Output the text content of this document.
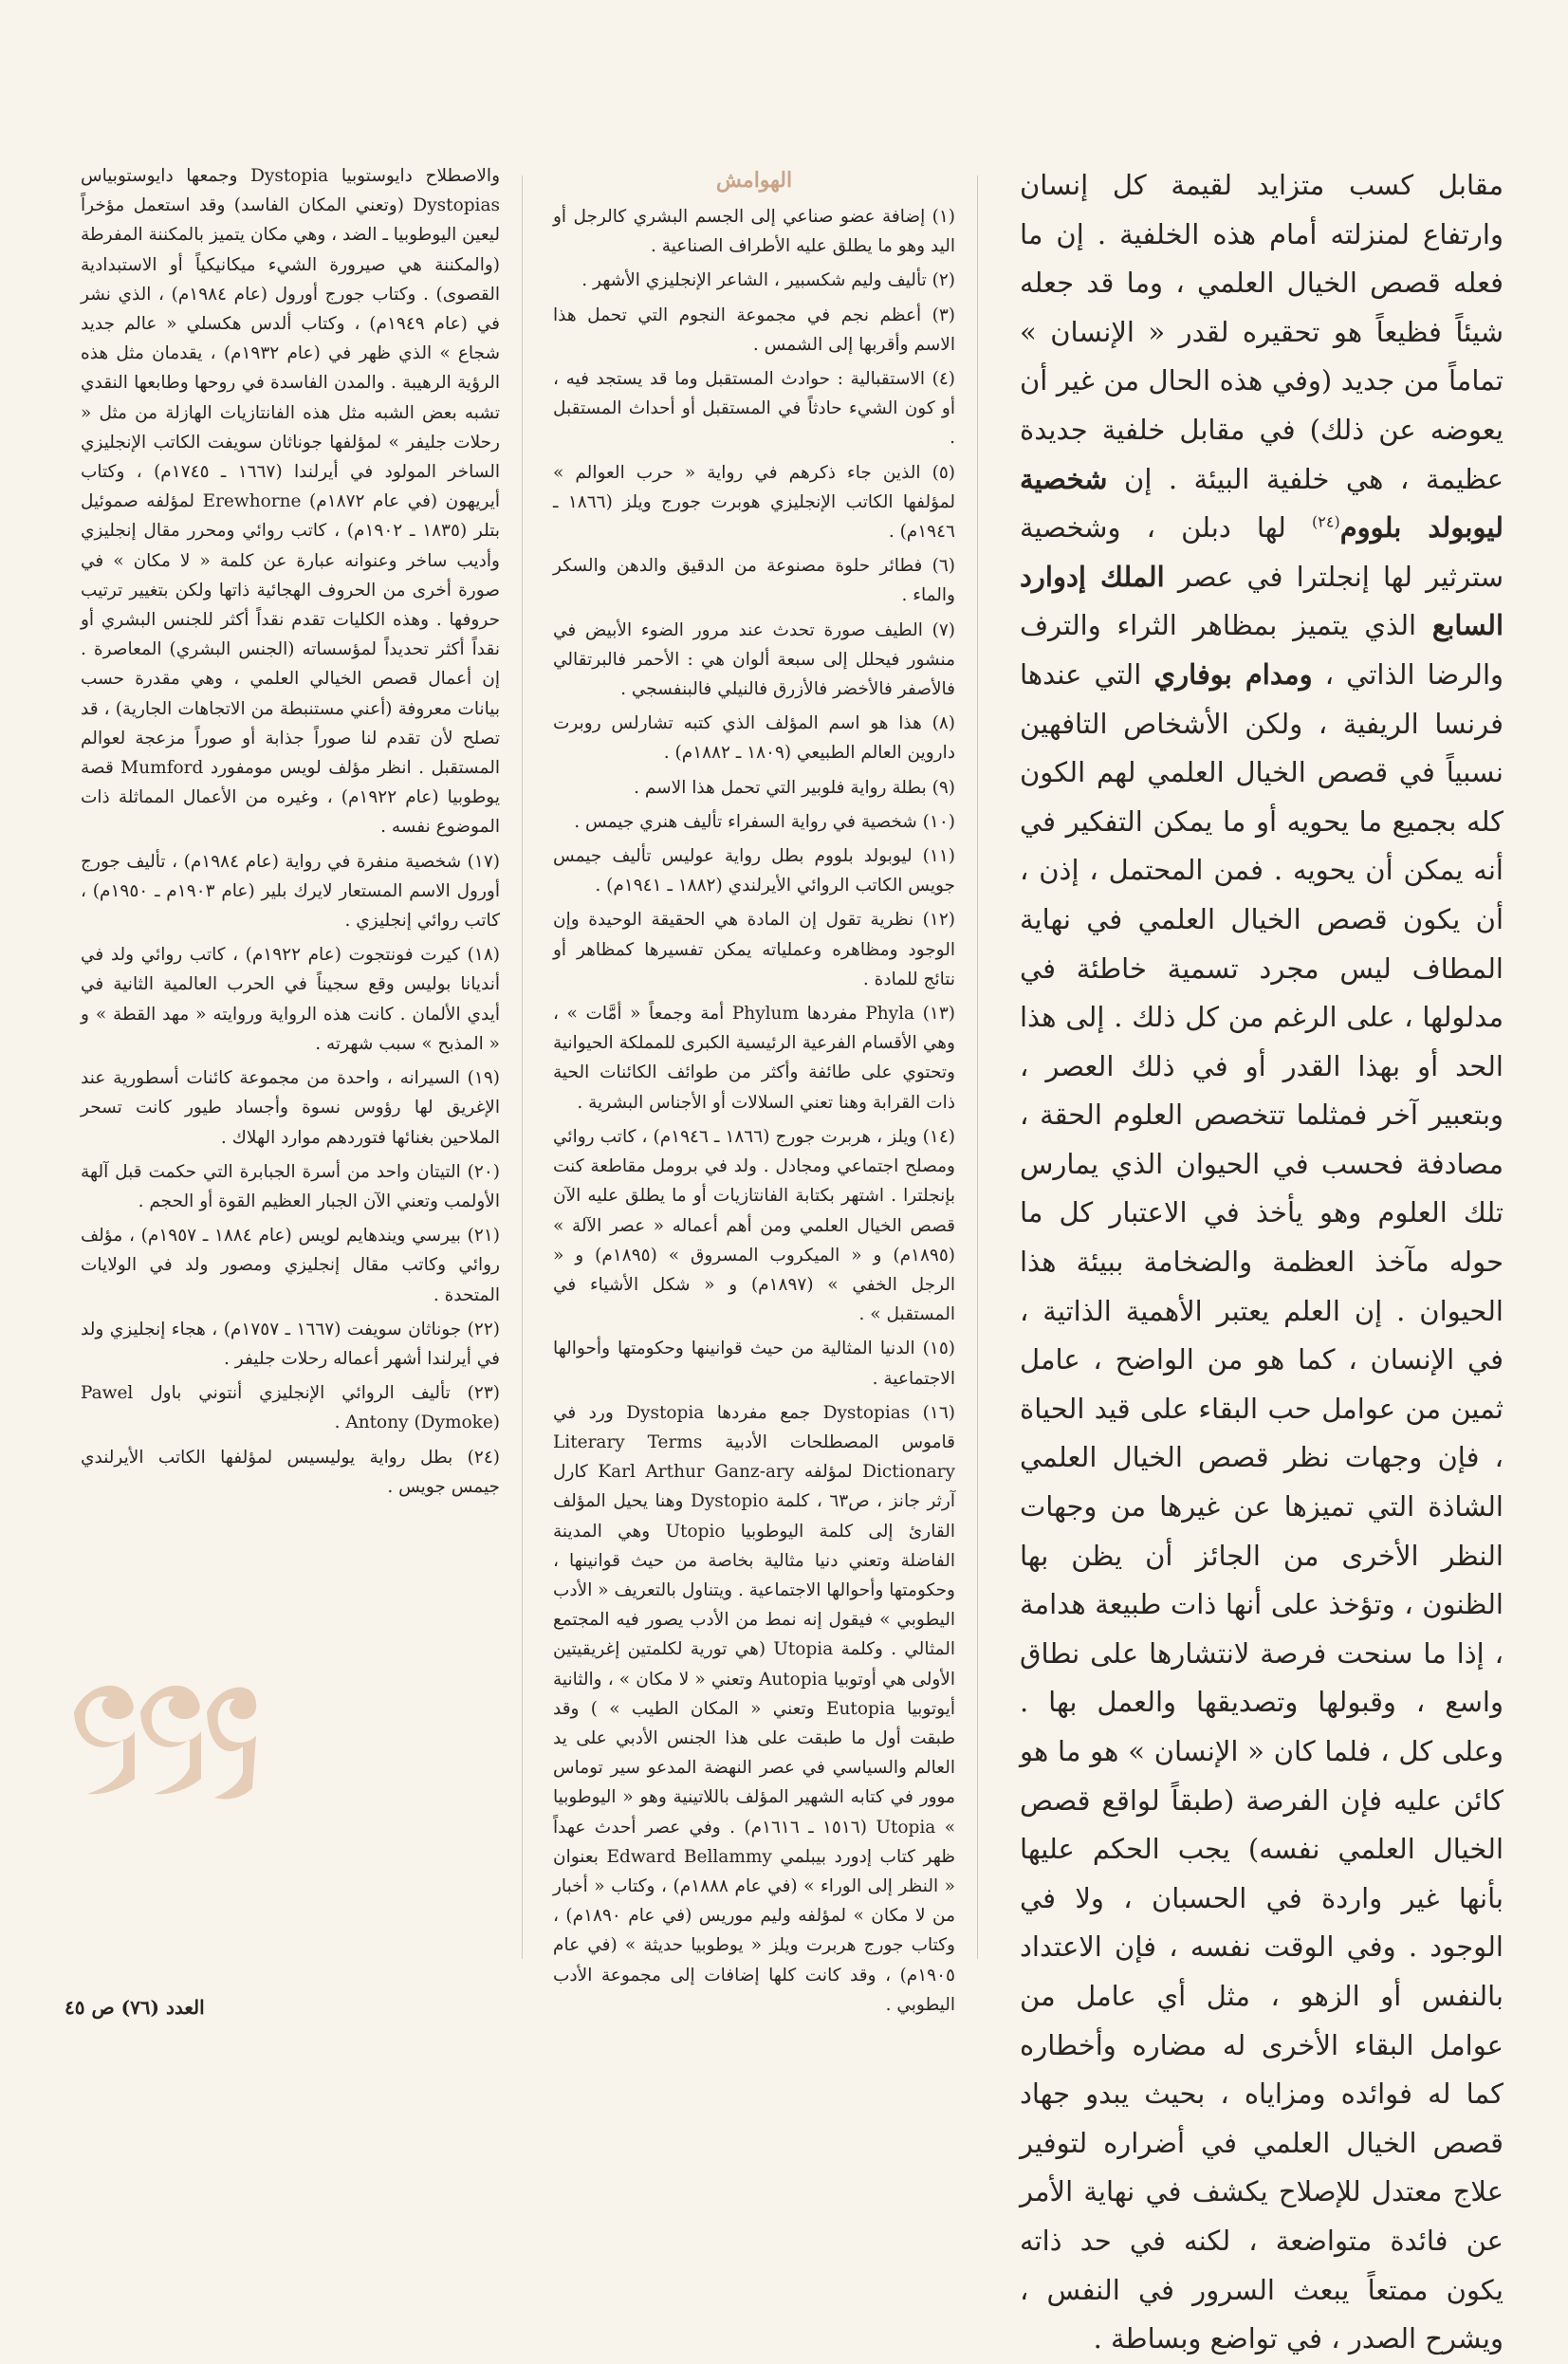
مقابل كسب متزايد لقيمة كل إنسان وارتفاع لمنزلته أمام هذه الخلفية . إن ما فعله قصص الخيال العلمي ، وما قد جعله شيئاً فظيعاً هو تحقيره لقدر « الإنسان » تماماً من جديد (وفي هذه الحال من غير أن يعوضه عن ذلك) في مقابل خلفية جديدة عظيمة ، هي خلفية البيئة . إن شخصية ليوبولد بلووم$^{(٢٤)}$ لها دبلن ، وشخصية سترثير لها إنجلترا في عصر الملك إدوارد السابع الذي يتميز بمظاهر الثراء والترف والرضا الذاتي ، ومدام بوفاري التي عندها فرنسا الريفية ، ولكن الأشخاص التافهين نسبياً في قصص الخيال العلمي لهم الكون كله بجميع ما يحويه أو ما يمكن التفكير في أنه يمكن أن يحويه . فمن المحتمل ، إذن ، أن يكون قصص الخيال العلمي في نهاية المطاف ليس مجرد تسمية خاطئة في مدلولها ، على الرغم من كل ذلك . إلى هذا الحد أو بهذا القدر أو في ذلك العصر ، وبتعبير آخر فمثلما تتخصص العلوم الحقة ، مصادفة فحسب في الحيوان الذي يمارس تلك العلوم وهو يأخذ في الاعتبار كل ما حوله مآخذ العظمة والضخامة ببيئة هذا الحيوان . إن العلم يعتبر الأهمية الذاتية ، في الإنسان ، كما هو من الواضح ، عامل ثمين من عوامل حب البقاء على قيد الحياة ، فإن وجهات نظر قصص الخيال العلمي الشاذة التي تميزها عن غيرها من وجهات النظر الأخرى من الجائز أن يظن بها الظنون ، وتؤخذ على أنها ذات طبيعة هدامة ، إذا ما سنحت فرصة لانتشارها على نطاق واسع ، وقبولها وتصديقها والعمل بها . وعلى كل ، فلما كان « الإنسان » هو ما هو كائن عليه فإن الفرصة (طبقاً لواقع قصص الخيال العلمي نفسه) يجب الحكم عليها بأنها غير واردة في الحسبان ، ولا في الوجود . وفي الوقت نفسه ، فإن الاعتداد بالنفس أو الزهو ، مثل أي عامل من عوامل البقاء الأخرى له مضاره وأخطاره كما له فوائده ومزاياه ، بحيث يبدو جهاد قصص الخيال العلمي في أضراره لتوفير علاج معتدل للإصلاح يكشف في نهاية الأمر عن فائدة متواضعة ، لكنه في حد ذاته يكون ممتعاً يبعث السرور في النفس ، ويشرح الصدر ، في تواضع وبساطة .

الهوامش

(١) إضافة عضو صناعي إلى الجسم البشري كالرجل أو اليد وهو ما يطلق عليه الأطراف الصناعية .

(٢) تأليف وليم شكسبير ، الشاعر الإنجليزي الأشهر .

(٣) أعظم نجم في مجموعة النجوم التي تحمل هذا الاسم وأقربها إلى الشمس .

(٤) الاستقبالية : حوادث المستقبل وما قد يستجد فيه ، أو كون الشيء حادثاً في المستقبل أو أحداث المستقبل .

(٥) الذين جاء ذكرهم في رواية « حرب العوالم » لمؤلفها الكاتب الإنجليزي هوبرت جورج ويلز (١٨٦٦ ـ ١٩٤٦م) .

(٦) فطائر حلوة مصنوعة من الدقيق والدهن والسكر والماء .

(٧) الطيف صورة تحدث عند مرور الضوء الأبيض في منشور فيحلل إلى سبعة ألوان هي : الأحمر فالبرتقالي فالأصفر فالأخضر فالأزرق فالنيلي فالبنفسجي .

(٨) هذا هو اسم المؤلف الذي كتبه تشارلس روبرت داروين العالم الطبيعي (١٨٠٩ ـ ١٨٨٢م) .

(٩) بطلة رواية فلوبير التي تحمل هذا الاسم .

(١٠) شخصية في رواية السفراء تأليف هنري جيمس .

(١١) ليوبولد بلووم بطل رواية عوليس تأليف جيمس جويس الكاتب الروائي الأيرلندي (١٨٨٢ ـ ١٩٤١م) .

(١٢) نظرية تقول إن المادة هي الحقيقة الوحيدة وإن الوجود ومظاهره وعملياته يمكن تفسيرها كمظاهر أو نتائج للمادة .

(١٣) Phyla مفردها Phylum أمة وجمعاً « أمَّات » ، وهي الأقسام الفرعية الرئيسية الكبرى للمملكة الحيوانية وتحتوي على طائفة وأكثر من طوائف الكائنات الحية ذات القرابة وهنا تعني السلالات أو الأجناس البشرية .

(١٤) ويلز ، هربرت جورج (١٨٦٦ ـ ١٩٤٦م) ، كاتب روائي ومصلح اجتماعي ومجادل . ولد في برومل مقاطعة كنت بإنجلترا . اشتهر بكتابة الفانتازيات أو ما يطلق عليه الآن قصص الخيال العلمي ومن أهم أعماله « عصر الآلة » (١٨٩٥م) و « الميكروب المسروق » (١٨٩٥م) و « الرجل الخفي » (١٨٩٧م) و « شكل الأشياء في المستقبل » .

(١٥) الدنيا المثالية من حيث قوانينها وحكومتها وأحوالها الاجتماعية .

(١٦) Dystopias جمع مفردها Dystopia ورد في قاموس المصطلحات الأدبية Literary Terms Dictionary لمؤلفه Karl Arthur Ganz-ary كارل آرثر جانز ، ص٦٣ ، كلمة Dystopio وهنا يحيل المؤلف القارئ إلى كلمة اليوطوبيا Utopio وهي المدينة الفاضلة وتعني دنيا مثالية بخاصة من حيث قوانينها ، وحكومتها وأحوالها الاجتماعية . ويتناول بالتعريف « الأدب اليطوبي » فيقول إنه نمط من الأدب يصور فيه المجتمع المثالي . وكلمة Utopia (هي تورية لكلمتين إغريقيتين الأولى هي أوتوبيا Autopia وتعني « لا مكان » ، والثانية أيوتوبيا Eutopia وتعني « المكان الطيب » ) وقد طبقت أول ما طبقت على هذا الجنس الأدبي على يد العالم والسياسي في عصر النهضة المدعو سير توماس موور في كتابه الشهير المؤلف باللاتينية وهو « اليوطوبيا » Utopia (١٥١٦ ـ ١٦١٦م) . وفي عصر أحدث عهداً ظهر كتاب إدورد بيبلمي Edward Bellammy بعنوان « النظر إلى الوراء » (في عام ١٨٨٨م) ، وكتاب « أخبار من لا مكان » لمؤلفه وليم موريس (في عام ١٨٩٠م) ، وكتاب جورج هربرت ويلز « يوطوبيا حديثة » (في عام ١٩٠٥م) ، وقد كانت كلها إضافات إلى مجموعة الأدب اليطوبي .

والاصطلاح دايوستوبيا Dystopia وجمعها دايوستوبياس Dystopias (وتعني المكان الفاسد) وقد استعمل مؤخراً ليعين اليوطوبيا ـ الضد ، وهي مكان يتميز بالمكننة المفرطة (والمكننة هي صيرورة الشيء ميكانيكياً أو الاستبدادية القصوى) . وكتاب جورج أورول (عام ١٩٨٤م) ، الذي نشر في (عام ١٩٤٩م) ، وكتاب ألدس هكسلي « عالم جديد شجاع » الذي ظهر في (عام ١٩٣٢م) ، يقدمان مثل هذه الرؤية الرهيبة . والمدن الفاسدة في روحها وطابعها النقدي تشبه بعض الشبه مثل هذه الفانتازيات الهازلة من مثل « رحلات جليفر » لمؤلفها جوناثان سويفت الكاتب الإنجليزي الساخر المولود في أيرلندا (١٦٦٧ ـ ١٧٤٥م) ، وكتاب أيريهون (في عام ١٨٧٢م) Erewhorne لمؤلفه صموئيل بتلر (١٨٣٥ ـ ١٩٠٢م) ، كاتب روائي ومحرر مقال إنجليزي وأديب ساخر وعنوانه عبارة عن كلمة « لا مكان » في صورة أخرى من الحروف الهجائية ذاتها ولكن بتغيير ترتيب حروفها . وهذه الكليات تقدم نقداً أكثر للجنس البشري أو نقداً أكثر تحديداً لمؤسساته (الجنس البشري) المعاصرة . إن أعمال قصص الخيالي العلمي ، وهي مقدرة حسب بيانات معروفة (أعني مستنبطة من الاتجاهات الجارية) ، قد تصلح لأن تقدم لنا صوراً جذابة أو صوراً مزعجة لعوالم المستقبل . انظر مؤلف لويس مومفورد Mumford قصة يوطوبيا (عام ١٩٢٢م) ، وغيره من الأعمال المماثلة ذات الموضوع نفسه .

(١٧) شخصية منفرة في رواية (عام ١٩٨٤م) ، تأليف جورج أورول الاسم المستعار لايرك بلير (عام ١٩٠٣م ـ ١٩٥٠م) ، كاتب روائي إنجليزي .

(١٨) كيرت فونتجوت (عام ١٩٢٢م) ، كاتب روائي ولد في أنديانا بوليس وقع سجيناً في الحرب العالمية الثانية في أيدي الألمان . كانت هذه الرواية وروايته « مهد القطة » و « المذبح » سبب شهرته .

(١٩) السيرانه ، واحدة من مجموعة كائنات أسطورية عند الإغريق لها رؤوس نسوة وأجساد طيور كانت تسحر الملاحين بغنائها فتوردهم موارد الهلاك .

(٢٠) التيتان واحد من أسرة الجبابرة التي حكمت قبل آلهة الأولمب وتعني الآن الجبار العظيم القوة أو الحجم .

(٢١) بيرسي ويندهايم لويس (عام ١٨٨٤ ـ ١٩٥٧م) ، مؤلف روائي وكاتب مقال إنجليزي ومصور ولد في الولايات المتحدة .

(٢٢) جوناثان سويفت (١٦٦٧ ـ ١٧٥٧م) ، هجاء إنجليزي ولد في أيرلندا أشهر أعماله رحلات جليفر .

(٢٣) تأليف الروائي الإنجليزي أنتوني باول Pawel Antony (Dymoke) .

(٢٤) بطل رواية يوليسيس لمؤلفها الكاتب الأيرلندي جيمس جويس .

العدد (٧٦) ص ٤٥
